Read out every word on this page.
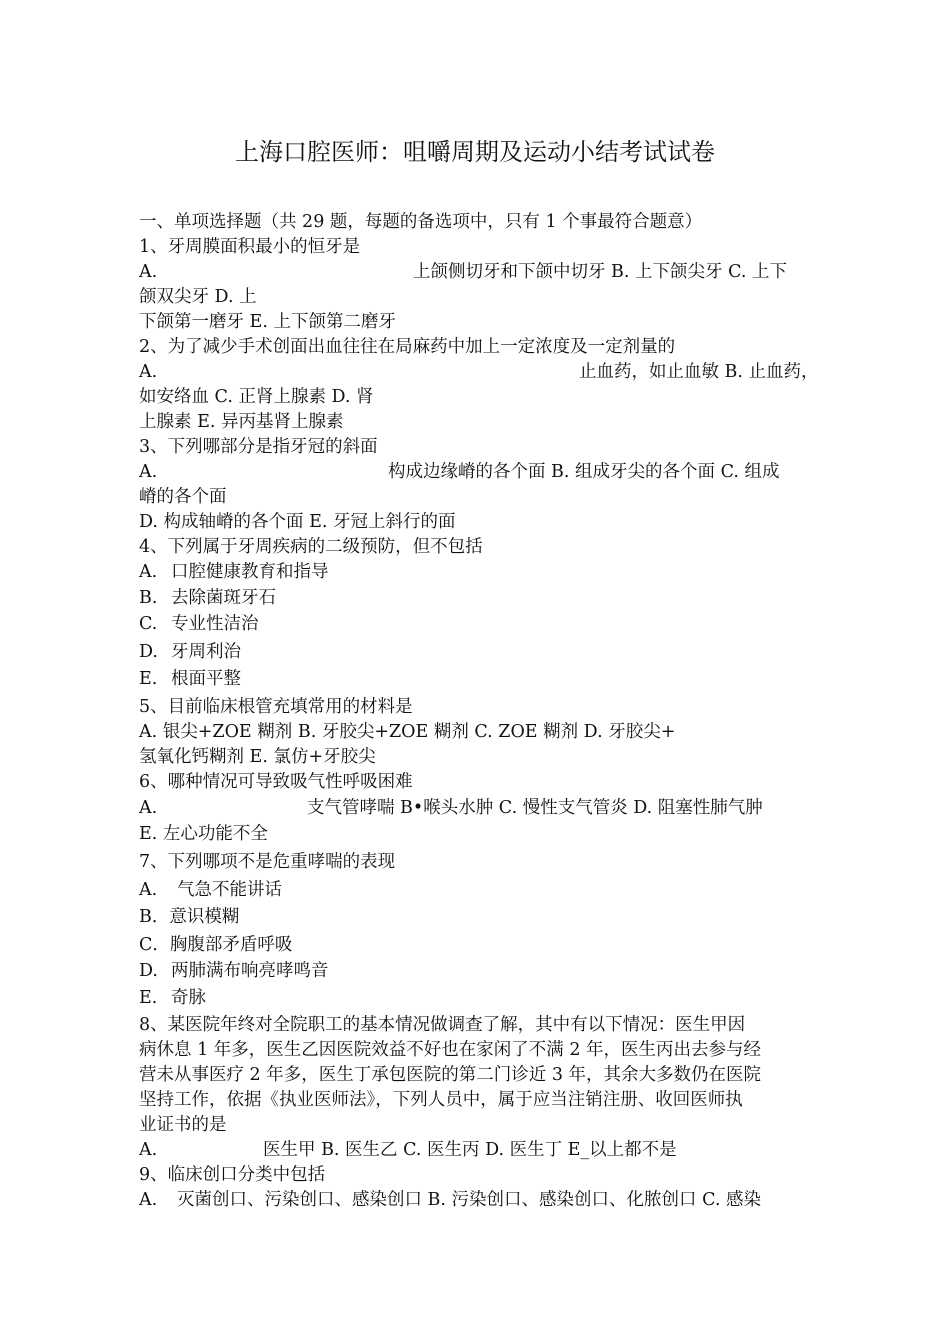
上海口腔医师：咀嚼周期及运动小结考试试卷
一、单项选择题（共 29 题，每题的备选项中，只有 1 个事最符合题意）
1、牙周膜面积最小的恒牙是
A.	上颌侧切牙和下颌中切牙 B. 上下颌尖牙 C. 上下
颌双尖牙 D. 上
下颌第一磨牙 E. 上下颌第二磨牙
2、为了减少手术创面出血往往在局麻药中加上一定浓度及一定剂量的
A.	止血药，如止血敏 B. 止血药，
如安络血 C. 正肾上腺素 D. 肾
上腺素 E. 异丙基肾上腺素
3、下列哪部分是指牙冠的斜面
A.	构成边缘嵴的各个面 B. 组成牙尖的各个面 C. 组成
嵴的各个面
D. 构成轴嵴的各个面 E. 牙冠上斜行的面
4、下列属于牙周疾病的二级预防，但不包括
A. 口腔健康教育和指导
B. 去除菌斑牙石
C. 专业性洁治
D. 牙周利治
E. 根面平整
5、目前临床根管充填常用的材料是
A. 银尖+ZOE 糊剂 B. 牙胶尖+ZOE 糊剂 C. ZOE 糊剂 D. 牙胶尖+
氢氧化钙糊剂 E. 氯仿+牙胶尖
6、哪种情况可导致吸气性呼吸困难
A.	支气管哮喘 B•喉头水肿 C. 慢性支气管炎 D. 阻塞性肺气肿
E. 左心功能不全
7、下列哪项不是危重哮喘的表现
A. 气急不能讲话
B．意识模糊
C．胸腹部矛盾呼吸
D. 两肺满布响亮哮鸣音
E. 奇脉
8、某医院年终对全院职工的基本情况做调查了解，其中有以下情况：医生甲因
病休息 1 年多，医生乙因医院效益不好也在家闲了不满 2 年，医生丙出去参与经
营未从事医疗 2 年多，医生丁承包医院的第二门诊近 3 年，其余大多数仍在医院
坚持工作，依据《执业医师法》，下列人员中，属于应当注销注册、收回医师执
业证书的是
A.	医生甲 B. 医生乙 C. 医生丙 D. 医生丁 E_以上都不是
9、临床创口分类中包括
A. 灭菌创口、污染创口、感染创口 B. 污染创口、感染创口、化脓创口 C. 感染
